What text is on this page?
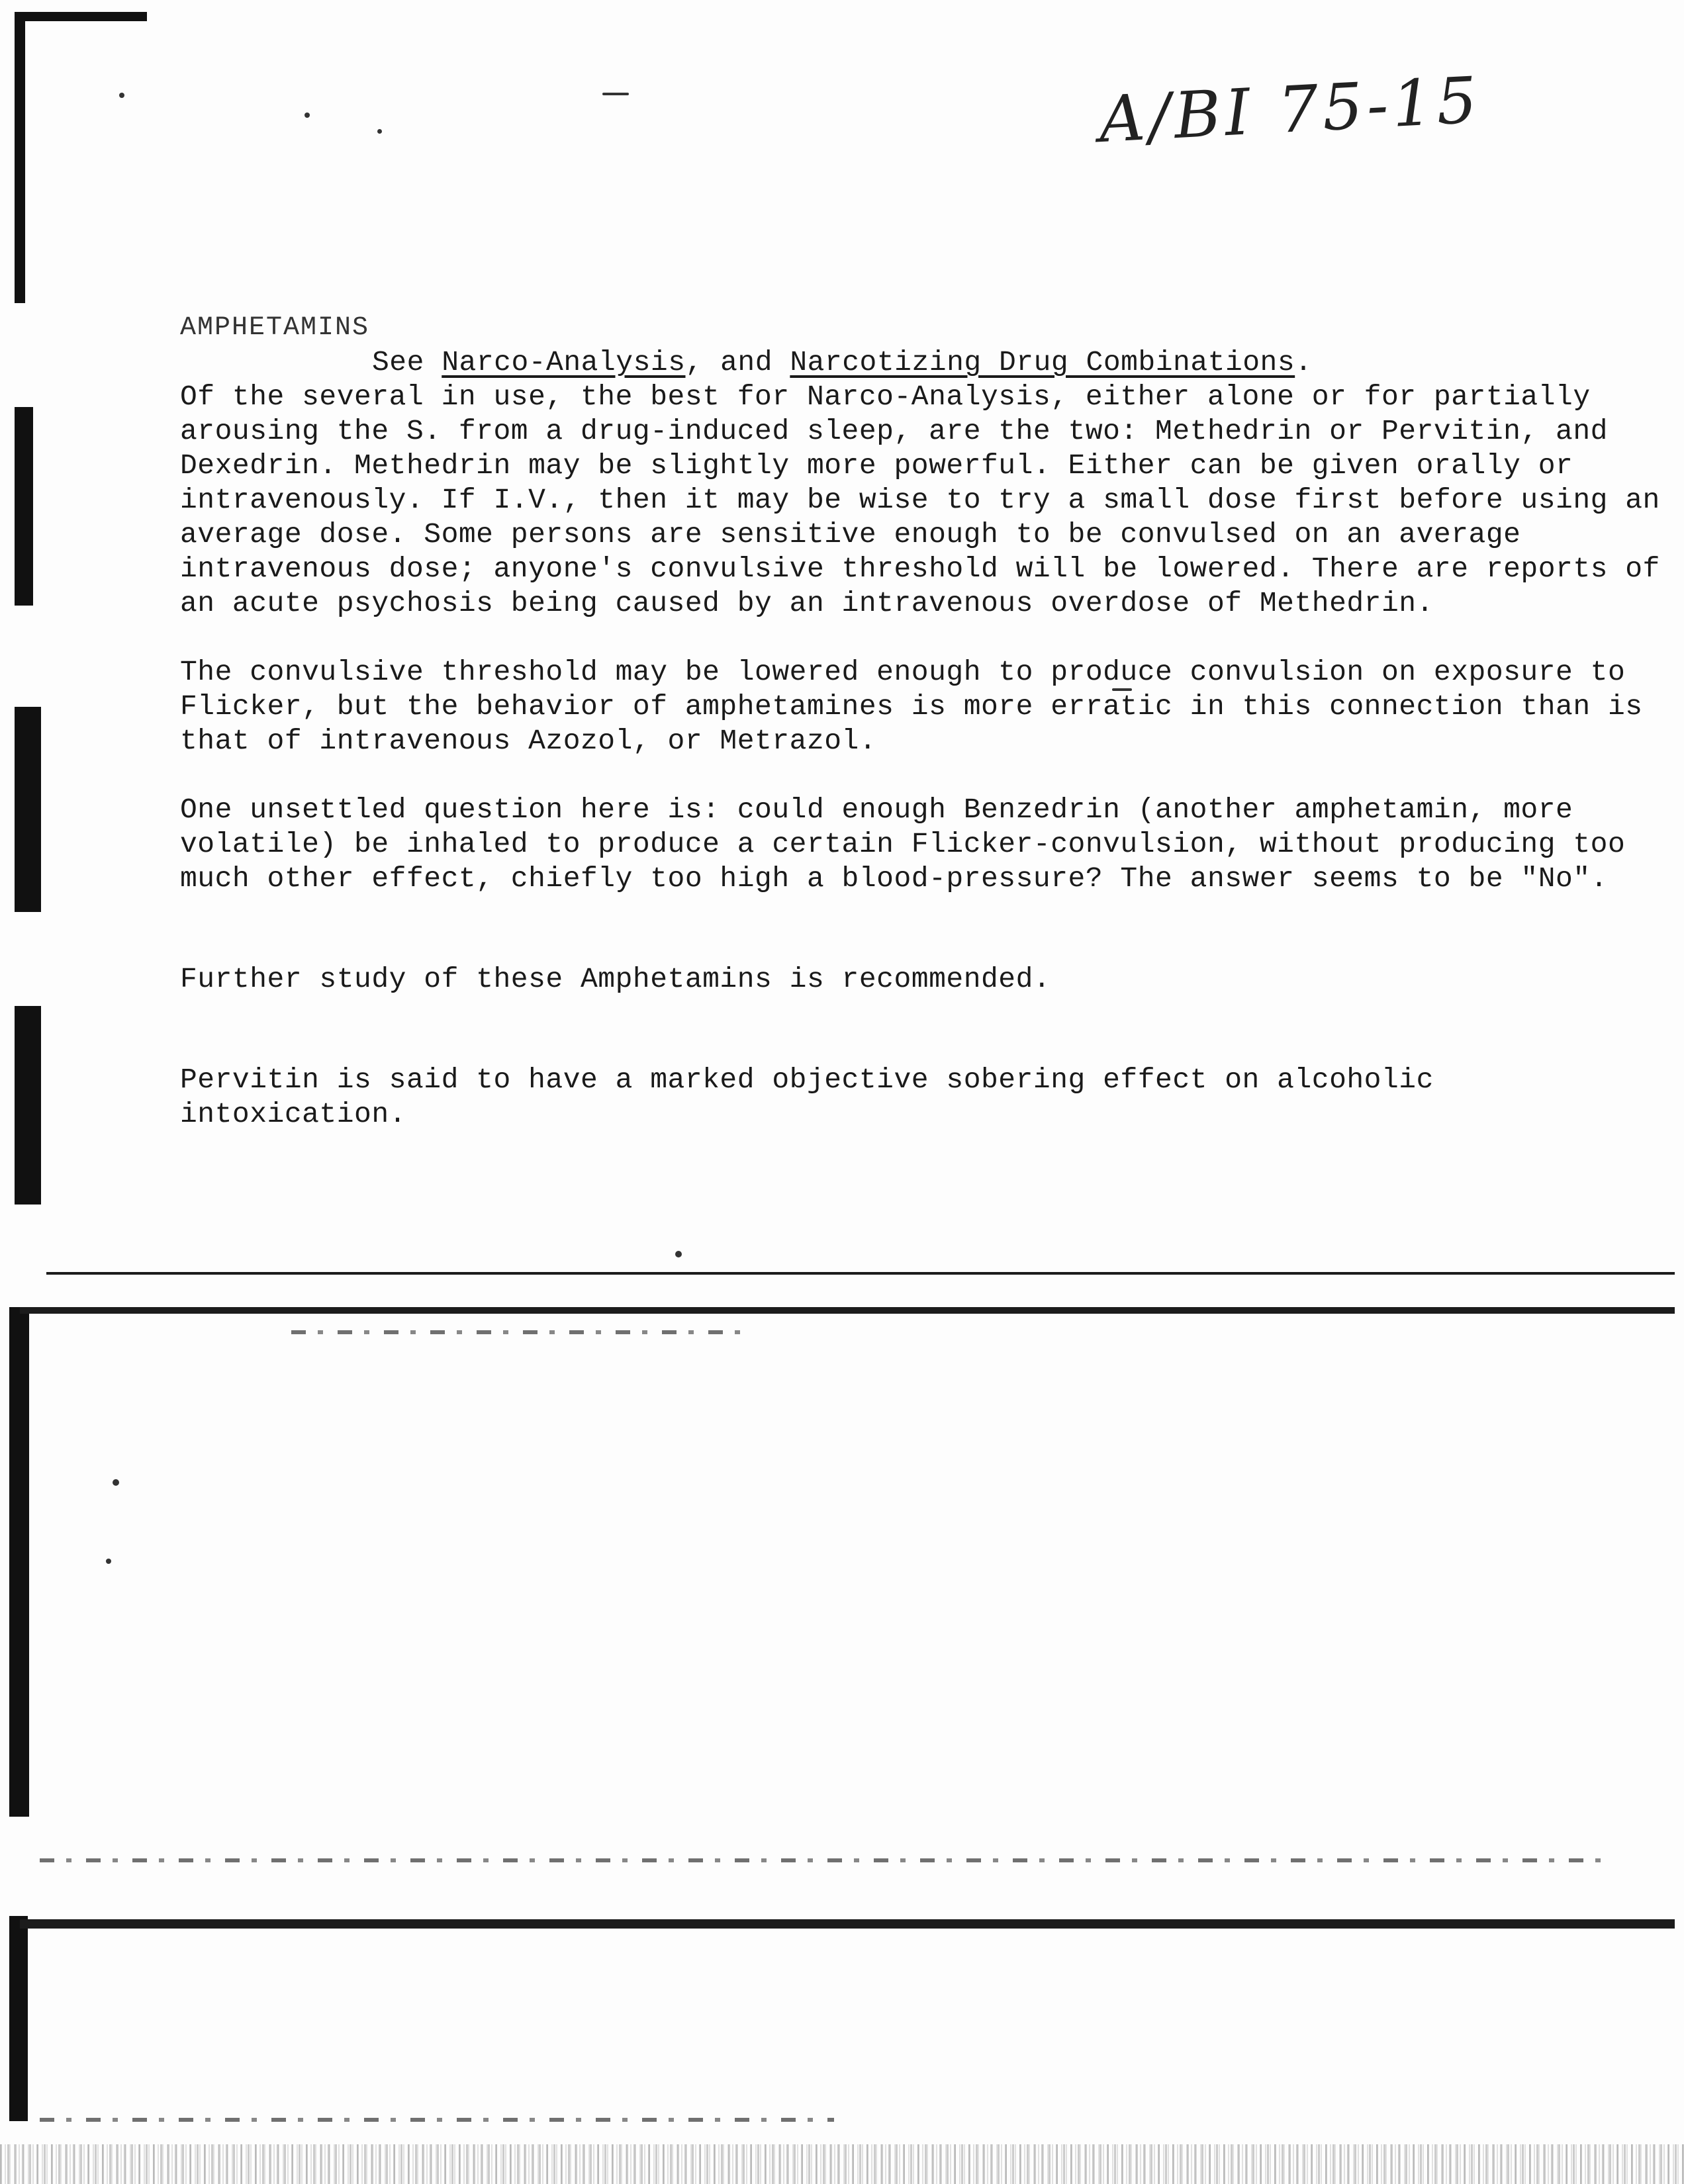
A/BI 75-15
AMPHETAMINS
See Narco-Analysis, and Narcotizing Drug Combinations.

Of the several in use, the best for Narco-Analysis, either alone or for partially arousing the S. from a drug-induced sleep, are the two: Methedrin or Pervitin, and Dexedrin. Methedrin may be slightly more powerful. Either can be given orally or intravenously. If I.V., then it may be wise to try a small dose first before using an average dose. Some persons are sensitive enough to be convulsed on an average intravenous dose; anyone's convulsive threshold will be lowered. There are reports of an acute psychosis being caused by an intravenous overdose of Methedrin.

The convulsive threshold may be lowered enough to produce convulsion on exposure to Flicker, but the behavior of amphetamines is more erratic in this connection than is that of intravenous Azozol, or Metrazol.

One unsettled question here is: could enough Benzedrin (another amphetamin, more volatile) be inhaled to produce a certain Flicker-convulsion, without producing too much other effect, chiefly too high a blood-pressure? The answer seems to be "No".

Further study of these Amphetamins is recommended.

Pervitin is said to have a marked objective sobering effect on alcoholic intoxication.
